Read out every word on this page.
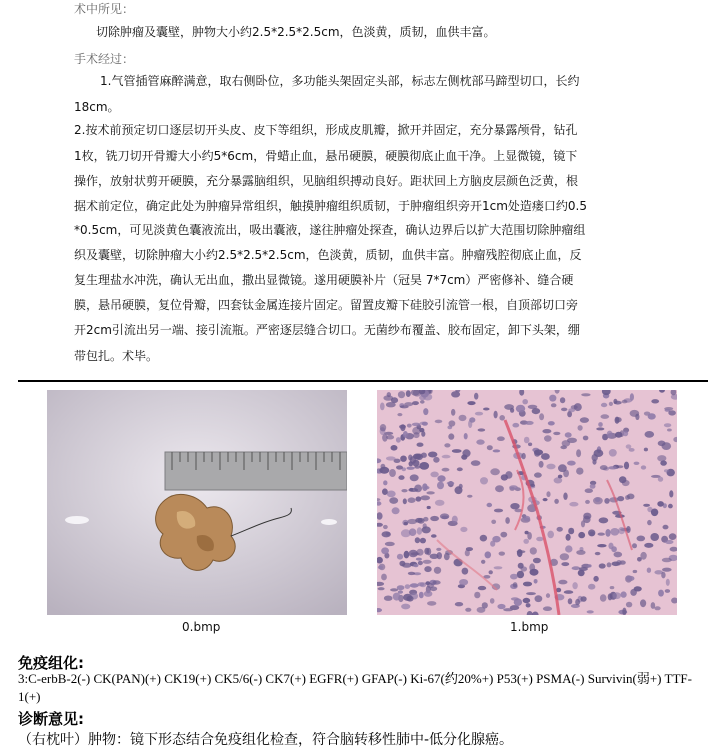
术中所见：
切除肿瘤及囊壁，肿物大小约2.5*2.5*2.5cm，色淡黄，质韧，血供丰富。
手术经过：
1.气管插管麻醉满意，取右侧卧位，多功能头架固定头部，标志左侧枕部马蹄型切口，长约
18cm。
2.按术前预定切口逐层切开头皮、皮下等组织，形成皮肌瓣，掀开并固定，充分暴露颅骨，钻孔
1枚，铣刀切开骨瓣大小约5*6cm，骨蜡止血，悬吊硬膜，硬膜彻底止血干净。上显微镜，镜下
操作，放射状剪开硬膜，充分暴露脑组织，见脑组织搏动良好。距状回上方脑皮层颜色泛黄，根
据术前定位，确定此处为肿瘤异常组织，触摸肿瘤组织质韧，于肿瘤组织旁开1cm处造瘘口约0.5
*0.5cm，可见淡黄色囊液流出，吸出囊液，遂往肿瘤处探查，确认边界后以扩大范围切除肿瘤组
织及囊壁，切除肿瘤大小约2.5*2.5*2.5cm，色淡黄，质韧，血供丰富。肿瘤残腔彻底止血，反
复生理盐水冲洗，确认无出血，撒出显微镜。遂用硬膜补片（冠昊 7*7cm）严密修补、缝合硬
膜，悬吊硬膜，复位骨瓣，四套钛金属连接片固定。留置皮瓣下硅胶引流管一根，自顶部切口旁
开2cm引流出另一端、接引流瓶。严密逐层缝合切口。无菌纱布覆盖、胶布固定，卸下头架，绷
带包扎。术毕。
0.bmp	1.bmp
免疫组化:
3:C-erbB-2(-) CK(PAN)(+) CK19(+) CK5/6(-) CK7(+) EGFR(+) GFAP(-) Ki-67(约20%+) P53(+) PSMA(-) Survivin(弱+) TTF-1(+)
诊断意见:
（右枕叶）肿物：镜下形态结合免疫组化检查，符合脑转移性肺中-低分化腺癌。
